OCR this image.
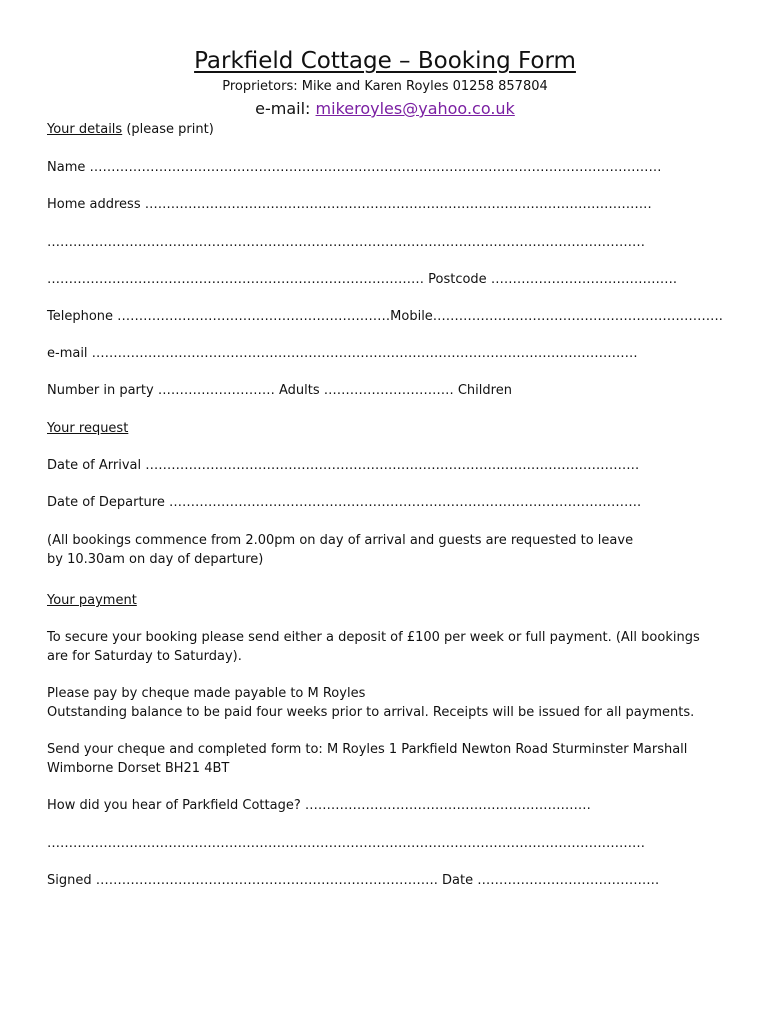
Parkfield Cottage – Booking Form
Proprietors: Mike and Karen Royles 01258 857804
e-mail: mikeroyles@yahoo.co.uk
Your details (please print)
Name ……………………………………………………………………………………………………………………
Home address ………………………………………………………………………………………………………
…………………………………………………………………………………………………………………………
…………………………………………………………………………… Postcode …………………………………….
Telephone ………………………………………………………Mobile………………………………………………………….
e-mail ………………………………………………………………………………………………………………
Number in party ……………………… Adults ………………………… Children
Your request
Date of Arrival ……………………………………………………………………………………………………
Date of Departure ……………………………………………………………………………………………….
(All bookings commence from 2.00pm on day of arrival and guests are requested to leave
by 10.30am on day of departure)
Your payment
To secure your booking please send either a deposit of £100 per week or full payment. (All bookings
are for Saturday to Saturday).
Please pay by cheque made payable to M Royles
Outstanding balance to be paid four weeks prior to arrival. Receipts will be issued for all payments.
Send your cheque and completed form to: M Royles 1 Parkfield Newton Road Sturminster Marshall
Wimborne Dorset BH21 4BT
How did you hear of Parkfield Cottage? …………………………………………………………
…………………………………………………………………………………………………………………………
Signed ……………………………………………………………………. Date ……………………………………
